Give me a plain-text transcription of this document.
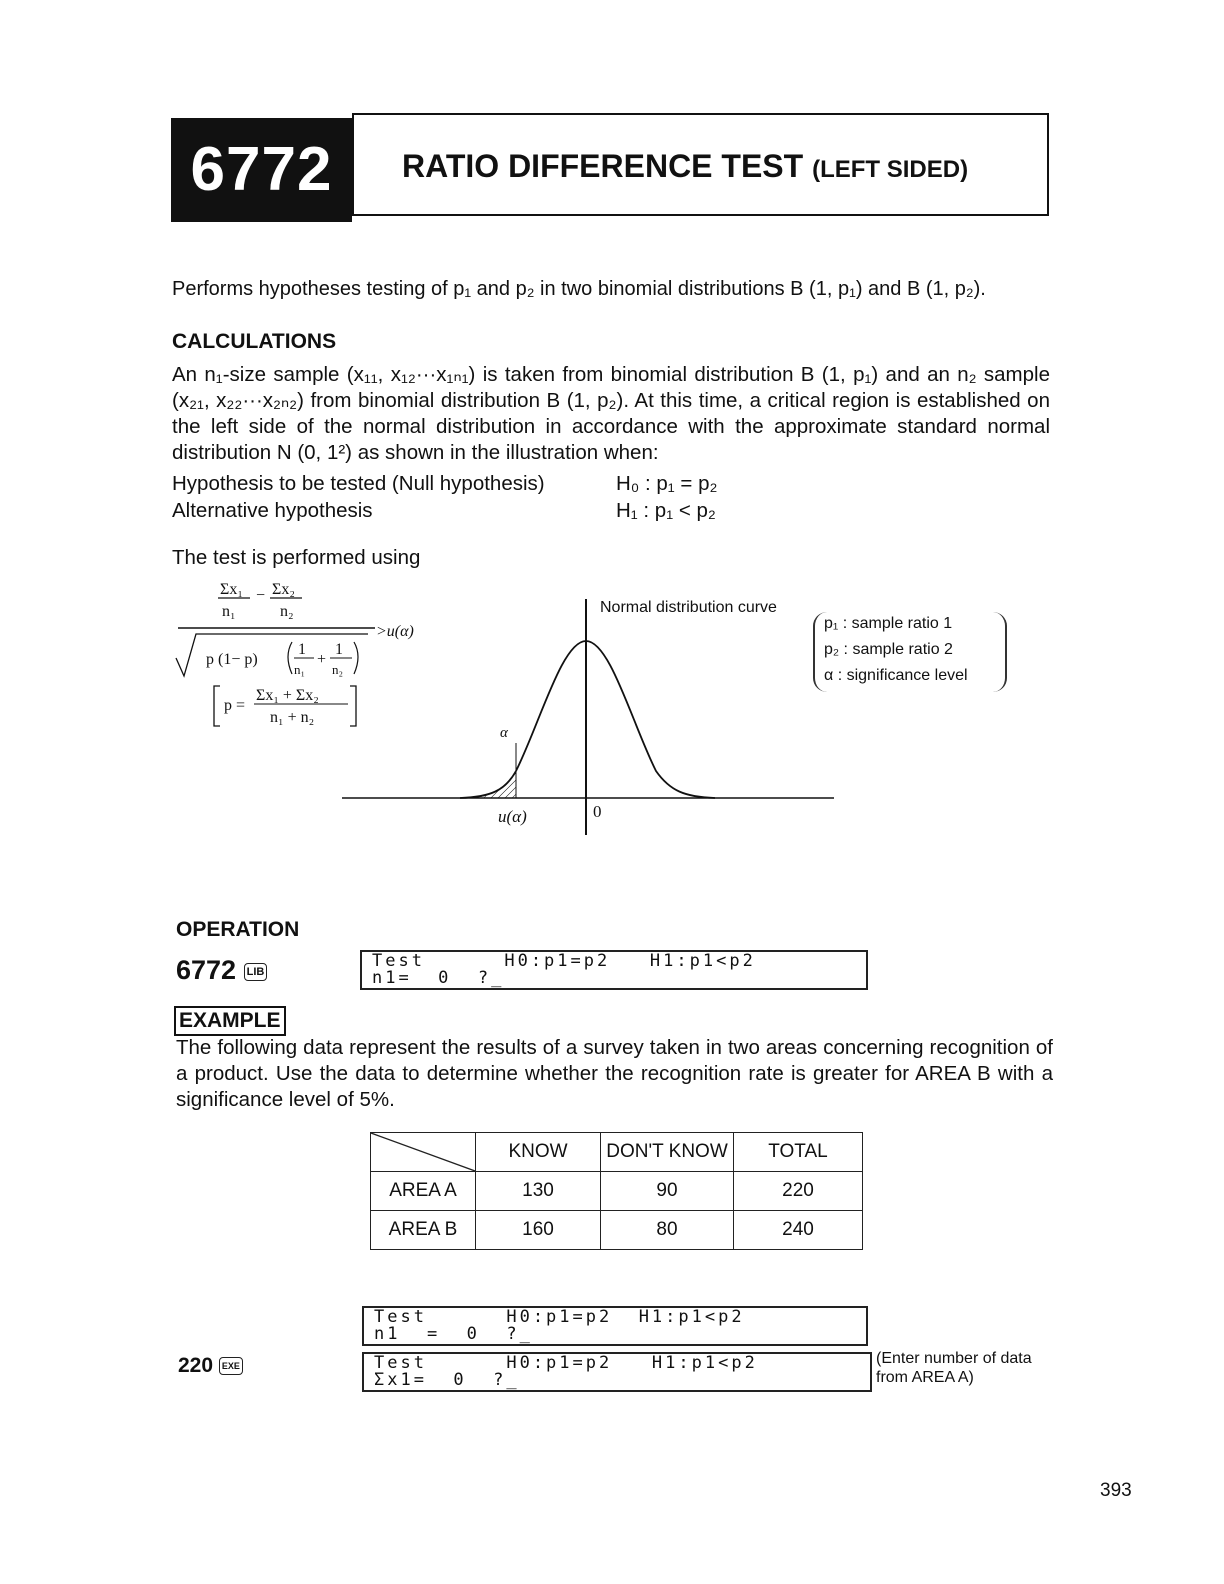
6772	RATIO DIFFERENCE TEST (LEFT SIDED)
Performs hypotheses testing of p₁ and p₂ in two binomial distributions B (1, p₁) and B (1, p₂).
CALCULATIONS
An n₁-size sample (x₁₁, x₁₂···x₁ₙ₁) is taken from binomial distribution B (1, p₁) and an n₂ sample (x₂₁, x₂₂···x₂ₙ₂) from binomial distribution B (1, p₂). At this time, a critical region is established on the left side of the normal distribution in accordance with the approximate standard normal distribution N (0, 1²) as shown in the illustration when:
Hypothesis to be tested (Null hypothesis)	H₀ : p₁ = p₂
Alternative hypothesis	H₁ : p₁ < p₂
The test is performed using
Σx₁
n₁
− Σx₂
n₂
>u(α)
p (1− p)
1
n₁
+
1
n₂
p =
Σx₁ + Σx₂
n₁ + n₂
Normal distribution curve
α
u(α)	0
p₁ : sample ratio 1
p₂ : sample ratio 2
α : significance level
OPERATION
6772 LIB
Test      H0:p1=p2   H1:p1<p2
n1=  0  ?_
EXAMPLE
The following data represent the results of a survey taken in two areas concerning recognition of a product. Use the data to determine whether the recognition rate is greater for AREA B with a significance level of 5%.
	KNOW	DON'T KNOW	TOTAL
AREA A	130	90	220
AREA B	160	80	240
Test      H0:p1=p2  H1:p1<p2
n1  =  0  ?_
220 EXE	Test      H0:p1=p2   H1:p1<p2
Σx1=  0  ?_
(Enter number of data from AREA A)
393
